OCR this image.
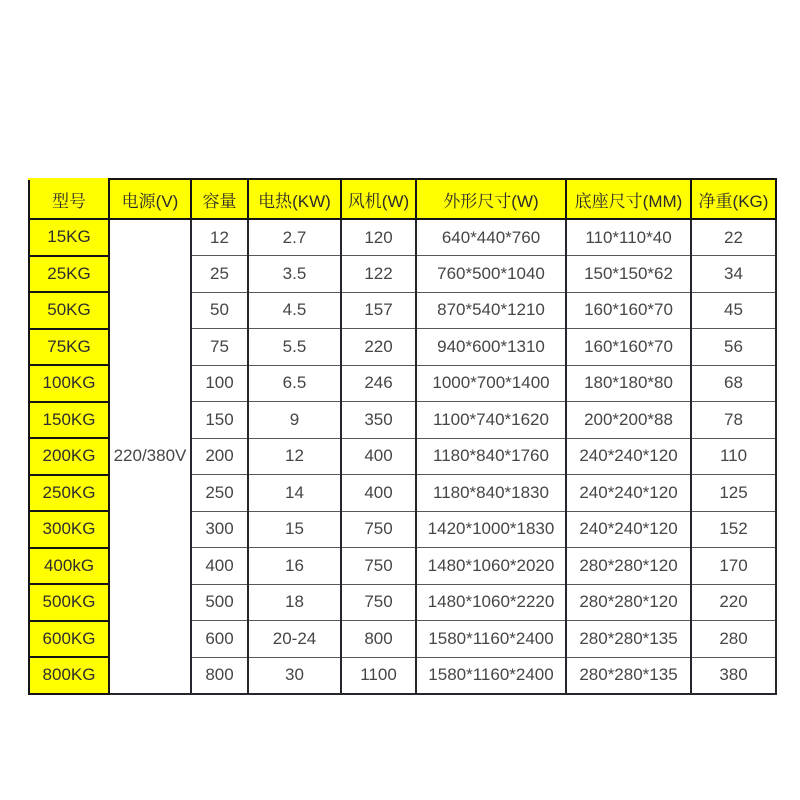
型号	电源(V)	容量	电热(KW)	风机(W)	外形尺寸(W)	底座尺寸(MM)	净重(KG)
15KG	220/380V	12	2.7	120	640*440*760	110*110*40	22
25KG		25	3.5	122	760*500*1040	150*150*62	34
50KG		50	4.5	157	870*540*1210	160*160*70	45
75KG		75	5.5	220	940*600*1310	160*160*70	56
100KG		100	6.5	246	1000*700*1400	180*180*80	68
150KG		150	9	350	1100*740*1620	200*200*88	78
200KG		200	12	400	1180*840*1760	240*240*120	110
250KG		250	14	400	1180*840*1830	240*240*120	125
300KG		300	15	750	1420*1000*1830	240*240*120	152
400kG		400	16	750	1480*1060*2020	280*280*120	170
500KG		500	18	750	1480*1060*2220	280*280*120	220
600KG		600	20-24	800	1580*1160*2400	280*280*135	280
800KG		800	30	1100	1580*1160*2400	280*280*135	380
